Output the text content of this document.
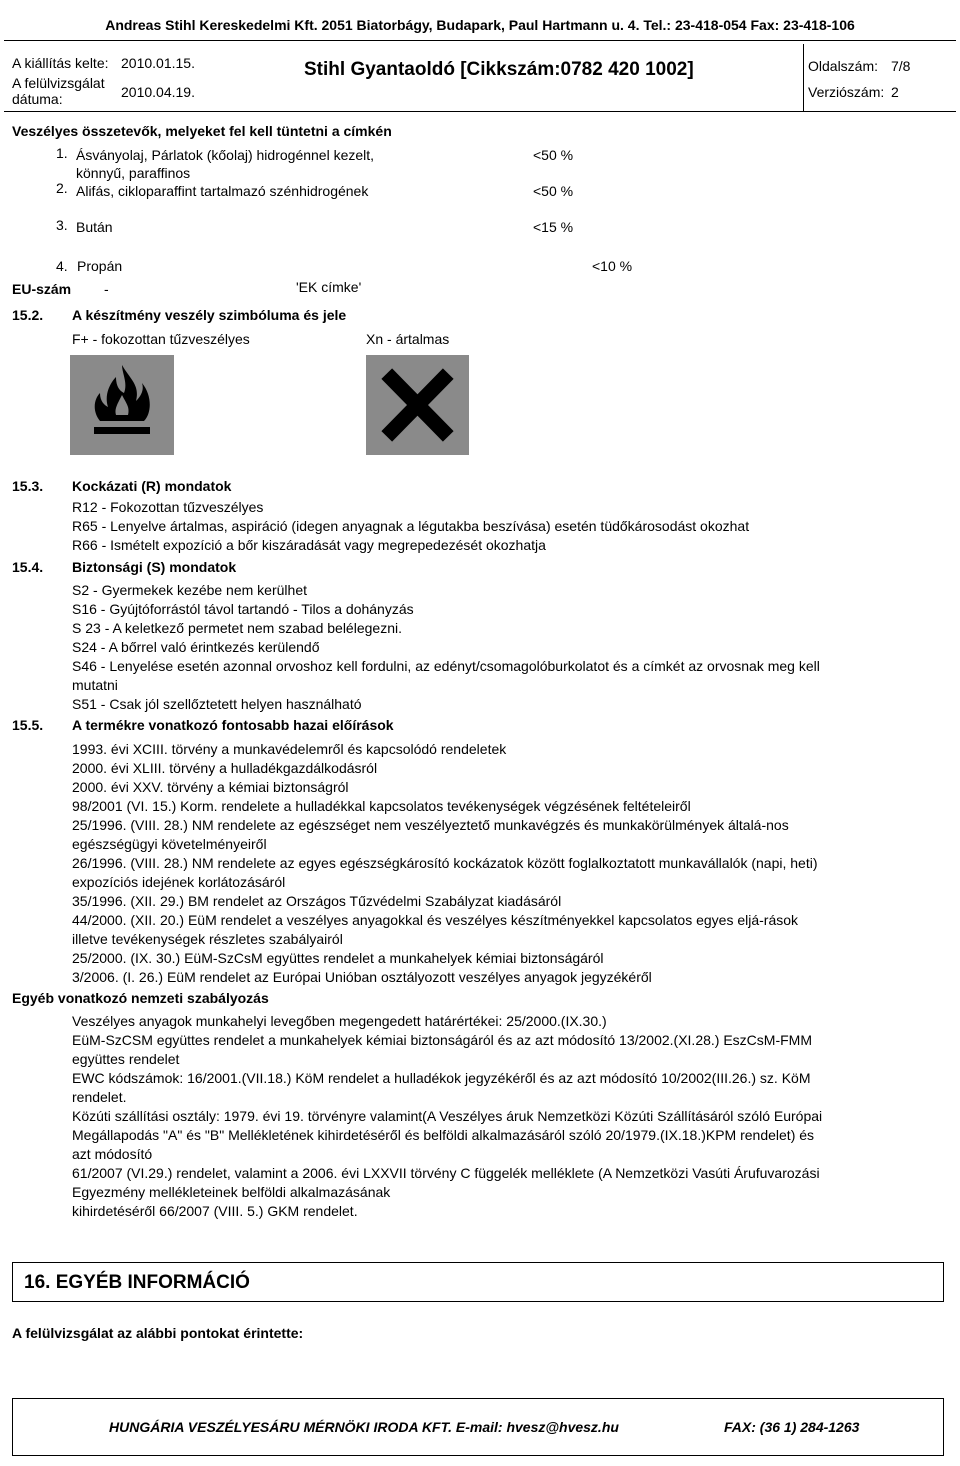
Andreas Stihl Kereskedelmi Kft. 2051 Biatorbágy, Budapark, Paul Hartmann u. 4. Tel.: 23-418-054 Fax: 23-418-106
A kiállítás kelte: 2010.01.15.
A felülvizsgálat
dátuma:	2010.04.19.
Stihl Gyantaoldó [Cikkszám:0782 420 1002]	Oldalszám: 7/8
Verziószám: 2
Veszélyes összetevők, melyeket fel kell tüntetni a címkén
1. Ásványolaj, Párlatok (kőolaj) hidrogénnel kezelt,
könnyű, paraffinos
<50 %
2. Alifás, cikloparaffint tartalmazó szénhidrogének	<50 %
3. Bután	<15 %
4. Propán	<10 %
EU-szám -	'EK címke'
15.2. A készítmény veszély szimbóluma és jele
F+ - fokozottan tűzveszélyes	Xn - ártalmas
15.3. Kockázati (R) mondatok
R12 - Fokozottan tűzveszélyes
R65 - Lenyelve ártalmas, aspiráció (idegen anyagnak a légutakba beszívása) esetén tüdőkárosodást okozhat
R66 - Ismételt expozíció a bőr kiszáradását vagy megrepedezését okozhatja
15.4. Biztonsági (S) mondatok
S2 - Gyermekek kezébe nem kerülhet
S16 - Gyújtóforrástól távol tartandó - Tilos a dohányzás
S 23 - A keletkező permetet nem szabad belélegezni.
S24 - A bőrrel való érintkezés kerülendő
S46 - Lenyelése esetén azonnal orvoshoz kell fordulni, az edényt/csomagolóburkolatot és a címkét az orvosnak meg kell
mutatni
S51 - Csak jól szellőztetett helyen használható
15.5. A termékre vonatkozó fontosabb hazai előírások
1993. évi XCIII. törvény a munkavédelemről és kapcsolódó rendeletek
2000. évi XLIII. törvény a hulladékgazdálkodásról
2000. évi XXV. törvény a kémiai biztonságról
98/2001 (VI. 15.) Korm. rendelete a hulladékkal kapcsolatos tevékenységek végzésének feltételeiről
25/1996. (VIII. 28.) NM rendelete az egészséget nem veszélyeztető munkavégzés és munkakörülmények általá-nos
egészségügyi követelményeiről
26/1996. (VIII. 28.) NM rendelete az egyes egészségkárosító kockázatok között foglalkoztatott munkavállalók (napi, heti)
expozíciós idejének korlátozásáról
35/1996. (XII. 29.) BM rendelet az Országos Tűzvédelmi Szabályzat kiadásáról
44/2000. (XII. 20.) EüM rendelet a veszélyes anyagokkal és veszélyes készítményekkel kapcsolatos egyes eljá-rások
illetve tevékenységek részletes szabályairól
25/2000. (IX. 30.) EüM-SzCsM együttes rendelet a munkahelyek kémiai biztonságáról
3/2006. (I. 26.) EüM rendelet az Európai Unióban osztályozott veszélyes anyagok jegyzékéről
Egyéb vonatkozó nemzeti szabályozás
Veszélyes anyagok munkahelyi levegőben megengedett határértékei: 25/2000.(IX.30.)
EüM-SzCSM együttes rendelet a munkahelyek kémiai biztonságáról és az azt módosító 13/2002.(XI.28.) EszCsM-FMM
együttes rendelet
EWC kódszámok: 16/2001.(VII.18.) KöM rendelet a hulladékok jegyzékéről és az azt módosító 10/2002(III.26.) sz. KöM
rendelet.
Közúti szállítási osztály: 1979. évi 19. törvényre valamint(A Veszélyes áruk Nemzetközi Közúti Szállításáról szóló Európai
Megállapodás "A" és "B" Mellékletének kihirdetéséről és belföldi alkalmazásáról szóló 20/1979.(IX.18.)KPM rendelet) és
azt módosító
61/2007 (VI.29.) rendelet, valamint a 2006. évi LXXVII törvény C függelék melléklete (A Nemzetközi Vasúti Árufuvarozási
Egyezmény mellékleteinek belföldi alkalmazásának
kihirdetéséről 66/2007 (VIII. 5.) GKM rendelet.
16. EGYÉB INFORMÁCIÓ
A felülvizsgálat az alábbi pontokat érintette:
HUNGÁRIA VESZÉLYESÁRU MÉRNÖKI IRODA KFT. E-mail: hvesz@hvesz.hu	FAX: (36 1) 284-1263
